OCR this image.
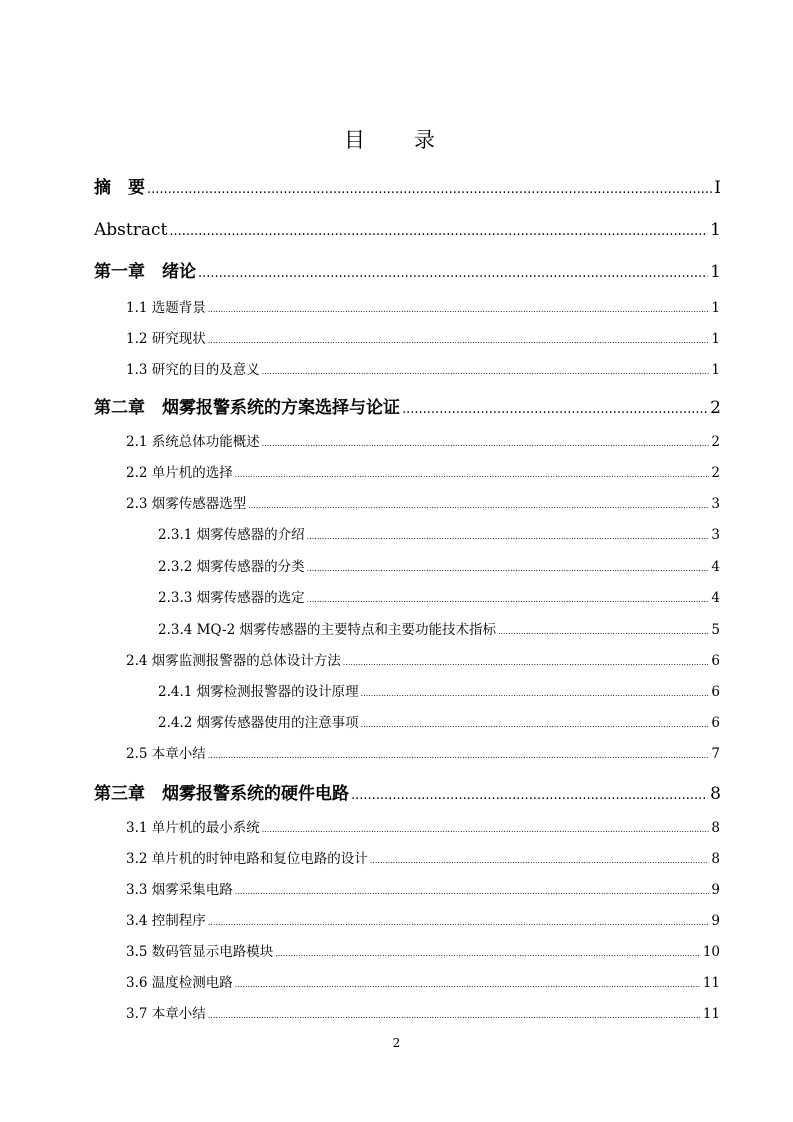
目　录
摘　要 .....	I
Abstract .....	1
第一章　绪论 .....	1
1.1 选题背景 .....	1
1.2 研究现状 .....	1
1.3 研究的目的及意义 .....	1
第二章　烟雾报警系统的方案选择与论证 .....	2
2.1 系统总体功能概述 .....	2
2.2 单片机的选择 .....	2
2.3 烟雾传感器选型 .....	3
2.3.1 烟雾传感器的介绍 .....	3
2.3.2 烟雾传感器的分类 .....	4
2.3.3 烟雾传感器的选定 .....	4
2.3.4 MQ-2 烟雾传感器的主要特点和主要功能技术指标 .....	5
2.4 烟雾监测报警器的总体设计方法 .....	6
2.4.1 烟雾检测报警器的设计原理 .....	6
2.4.2 烟雾传感器使用的注意事项 .....	6
2.5 本章小结 .....	7
第三章　烟雾报警系统的硬件电路 .....	8
3.1 单片机的最小系统 .....	8
3.2 单片机的时钟电路和复位电路的设计 .....	8
3.3 烟雾采集电路 .....	9
3.4 控制程序 .....	9
3.5 数码管显示电路模块 .....	10
3.6 温度检测电路 .....	11
3.7 本章小结 .....	11
2
